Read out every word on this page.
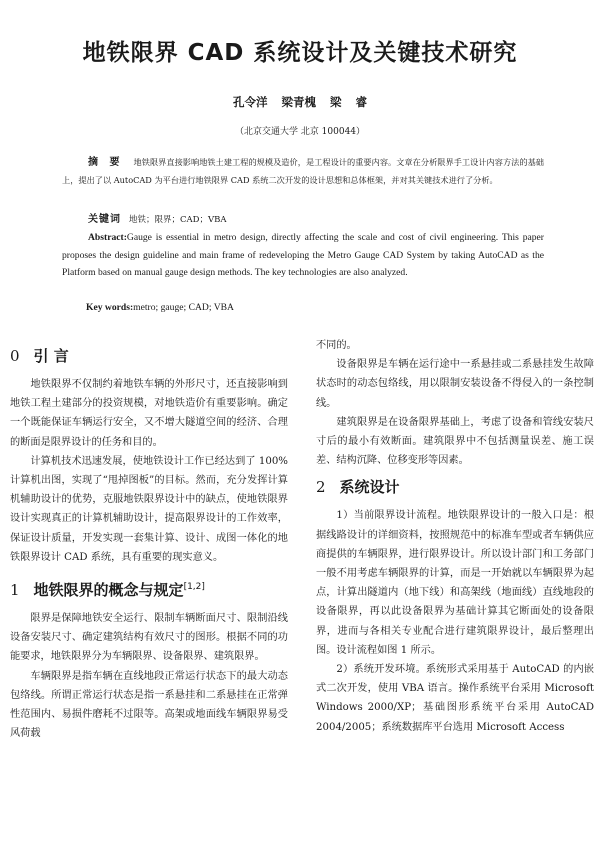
地铁限界 CAD 系统设计及关键技术研究
孔令洋 梁青槐 梁 睿
（北京交通大学 北京 100044）
摘 要 地铁限界直接影响地铁土建工程的规模及造价，是工程设计的重要内容。文章在分析限界手工设计内容方法的基础上，提出了以 AutoCAD 为平台进行地铁限界 CAD 系统二次开发的设计思想和总体框架，并对其关键技术进行了分析。
关键词 地铁；限界；CAD；VBA
Abstract:Gauge is essential in metro design, directly affecting the scale and cost of civil engineering. This paper proposes the design guideline and main frame of redeveloping the Metro Gauge CAD System by taking AutoCAD as the Platform based on manual gauge design methods. The key technologies are also analyzed.
Key words:metro; gauge; CAD; VBA
0 引 言

地铁限界不仅制约着地铁车辆的外形尺寸，还直接影响到地铁工程土建部分的投资规模，对地铁造价有重要影响。确定一个既能保证车辆运行安全，又不增大隧道空间的经济、合理的断面是限界设计的任务和目的。

计算机技术迅速发展，使地铁设计工作已经达到了 100%计算机出图，实现了“甩掉图板”的目标。然而，充分发挥计算机辅助设计的优势，克服地铁限界设计中的缺点，使地铁限界设计实现真正的计算机辅助设计，提高限界设计的工作效率，保证设计质量，开发实现一套集计算、设计、成图一体化的地铁限界设计 CAD 系统，具有重要的现实意义。

1 地铁限界的概念与规定[1,2]

限界是保障地铁安全运行、限制车辆断面尺寸、限制沿线设备安装尺寸、确定建筑结构有效尺寸的图形。根据不同的功能要求，地铁限界分为车辆限界、设备限界、建筑限界。

车辆限界是指车辆在直线地段正常运行状态下的最大动态包络线。所谓正常运行状态是指一系悬挂和二系悬挂在正常弹性范围内、易损件磨耗不过限等。高架或地面线车辆限界易受风荷载

不同的。

设备限界是车辆在运行途中一系悬挂或二系悬挂发生故障状态时的动态包络线，用以限制安装设备不得侵入的一条控制线。

建筑限界是在设备限界基础上，考虑了设备和管线安装尺寸后的最小有效断面。建筑限界中不包括测量误差、施工误差、结构沉降、位移变形等因素。

2 系统设计

1）当前限界设计流程。地铁限界设计的一般入口是：根据线路设计的详细资料，按照规范中的标准车型或者车辆供应商提供的车辆限界，进行限界设计。所以设计部门和工务部门一般不用考虑车辆限界的计算，而是一开始就以车辆限界为起点，计算出隧道内（地下线）和高架线（地面线）直线地段的设备限界，再以此设备限界为基础计算其它断面处的设备限界，进而与各相关专业配合进行建筑限界设计，最后整理出图。设计流程如图 1 所示。

2）系统开发环境。系统形式采用基于 AutoCAD 的内嵌式二次开发，使用 VBA 语言。操作系统平台采用 Microsoft Windows 2000/XP；基础图形系统平台采用 AutoCAD 2004/2005；系统数据库平台选用 Microsoft Access
